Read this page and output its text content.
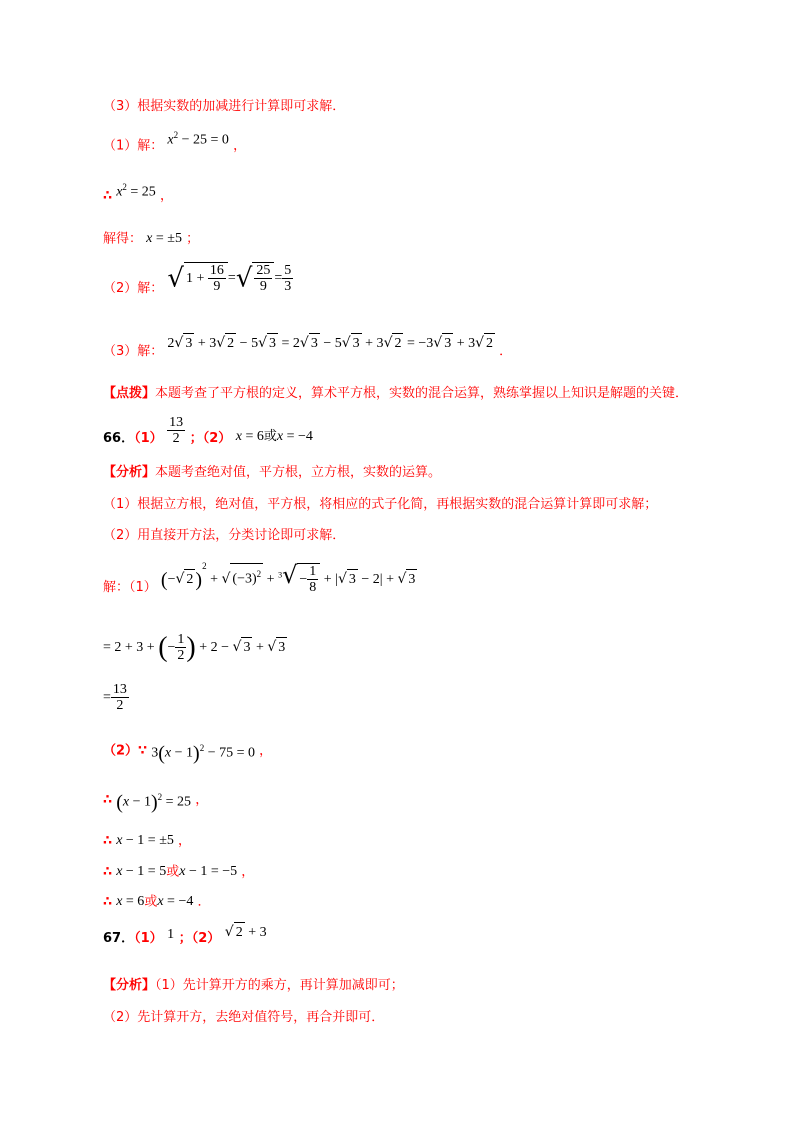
（3）根据实数的加减进行计算即可求解．
（1）解： $x^2 - 25 = 0$ ，
∴ $x^2 = 25$ ，
解得： x = ±5 ；
（2）解： √ $1 + \frac{16}{9}$ =√ $\frac{25}{9} = \frac{5}{3}$
（3）解： 2√ 3 + 3√ 2 − 5√ 3 = 2√ 3 − 5√ 3 + 3√ 2 = −3√ 3 + 3√ 2 ．
【点拨】本题考查了平方根的定义，算术平方根，实数的混合运算，熟练掌握以上知识是解题的关键．
66．$(1) \frac{13}{2}$ ；（2） x = 6或x = −4
【分析】本题考查绝对值，平方根，立方根，实数的运算。
（1）根据立方根，绝对值，平方根，将相应的式子化简，再根据实数的混合运算计算即可求解；
（2）用直接开方法，分类讨论即可求解．
解：（1） (−√ 2 )$^2$ + √ $(-3)^2 + ^3√ - \frac{1}{8}$ + |√ 3 − 2| + √ 3
= 2 + 3 + (− $\frac{1}{2}$ ) + 2 − √ 3 + √ 3
= $\frac{13}{2}$
（2）∵ $3(x - 1)^2 - 75 = 0$ ，
∴ $(x - 1)^2 = 25$ ，
∴ x − 1 = ±5 ，
∴ x − 1 = 5或x − 1 = −5 ，
∴ x = 6或x = −4 ．
67．（1） 1 ；（2） √ 2 + 3
【分析】（1）先计算开方的乘方，再计算加减即可；
（2）先计算开方，去绝对值符号，再合并即可．
